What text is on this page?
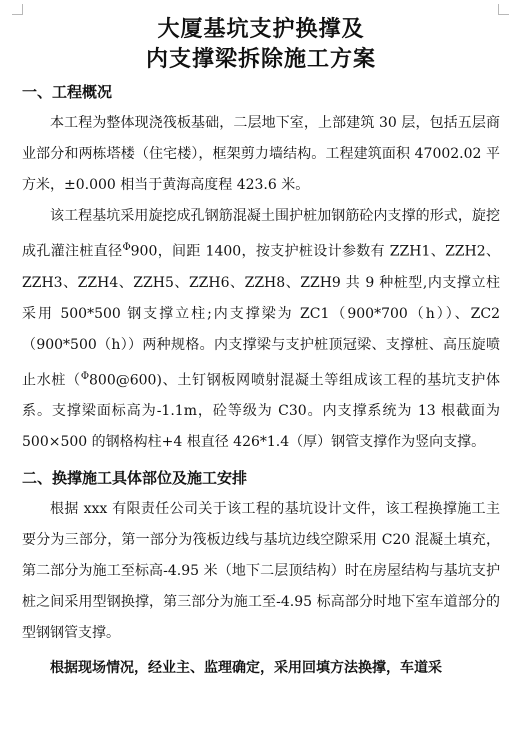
大厦基坑支护换撑及
内支撑梁拆除施工方案
一、工程概况

本工程为整体现浇筏板基础，二层地下室，上部建筑 30 层，包括五层商业部分和两栋塔楼（住宅楼），框架剪力墙结构。工程建筑面积 47002.02 平方米，±0.000 相当于黄海高度程 423.6 米。

该工程基坑采用旋挖成孔钢筋混凝土围护桩加钢筋砼内支撑的形式，旋挖成孔灌注桩直径$^\Phi$900，间距 1400，按支护桩设计参数有 ZZH1、ZZH2、ZZH3、ZZH4、ZZH5、ZZH6、ZZH8、ZZH9 共 9 种桩型,内支撑立柱采用 500*500 钢支撑立柱;内支撑梁为 ZC1（900*700（h））、ZC2（900*500（h））两种规格。内支撑梁与支护桩顶冠梁、支撑桩、高压旋喷止水桩（$^\Phi$800@600)、土钉钢板网喷射混凝土等组成该工程的基坑支护体系。支撑梁面标高为-1.1m，砼等级为 C30。内支撑系统为 13 根截面为 500×500 的钢格构柱+4 根直径 426*1.4（厚）钢管支撑作为竖向支撑。

二、换撑施工具体部位及施工安排

根据 xxx 有限责任公司关于该工程的基坑设计文件，该工程换撑施工主要分为三部分，第一部分为筏板边线与基坑边线空隙采用 C20 混凝土填充，第二部分为施工至标高-4.95 米（地下二层顶结构）时在房屋结构与基坑支护桩之间采用型钢换撑，第三部分为施工至-4.95 标高部分时地下室车道部分的型钢钢管支撑。

根据现场情况，经业主、监理确定，采用回填方法换撑，车道采
